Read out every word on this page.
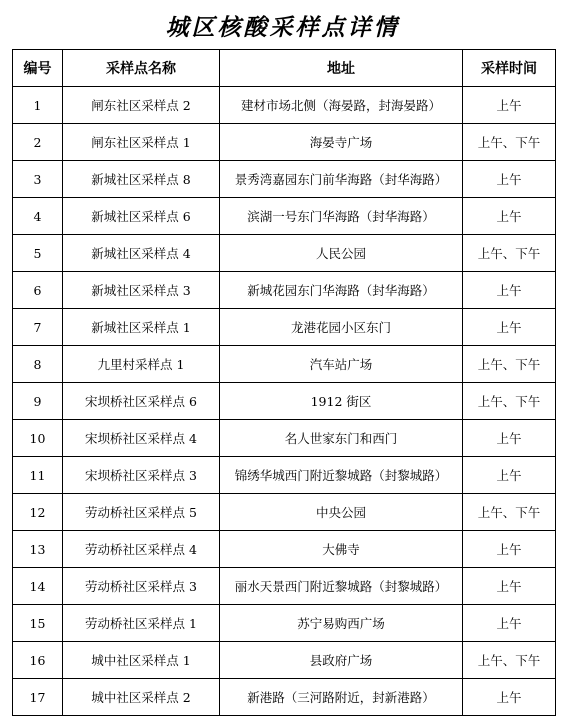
城区核酸采样点详情
编号	采样点名称	地址	采样时间
1	闸东社区采样点 2	建材市场北侧（海晏路，封海晏路）	上午
2	闸东社区采样点 1	海晏寺广场	上午、下午
3	新城社区采样点 8	景秀湾嘉园东门前华海路（封华海路）	上午
4	新城社区采样点 6	滨湖一号东门华海路（封华海路）	上午
5	新城社区采样点 4	人民公园	上午、下午
6	新城社区采样点 3	新城花园东门华海路（封华海路）	上午
7	新城社区采样点 1	龙港花园小区东门	上午
8	九里村采样点 1	汽车站广场	上午、下午
9	宋坝桥社区采样点 6	1912 街区	上午、下午
10	宋坝桥社区采样点 4	名人世家东门和西门	上午
11	宋坝桥社区采样点 3	锦绣华城西门附近黎城路（封黎城路）	上午
12	劳动桥社区采样点 5	中央公园	上午、下午
13	劳动桥社区采样点 4	大佛寺	上午
14	劳动桥社区采样点 3	丽水天景西门附近黎城路（封黎城路）	上午
15	劳动桥社区采样点 1	苏宁易购西广场	上午
16	城中社区采样点 1	县政府广场	上午、下午
17	城中社区采样点 2	新港路（三河路附近，封新港路）	上午
